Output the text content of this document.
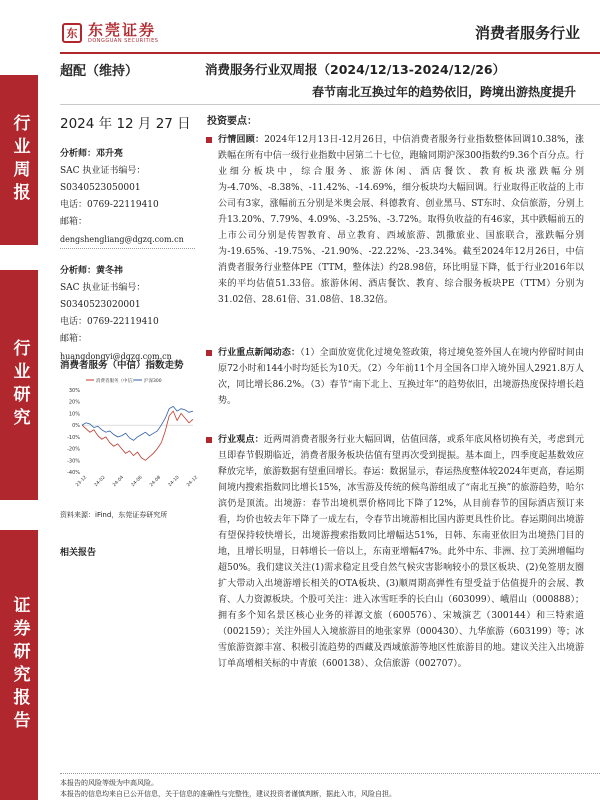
东 东莞证券
DONGGUAN SECURITIES	消费者服务行业
行业周报
行业研究
证券研究报告
超配（维持）	消费服务行业双周报（2024/12/13-2024/12/26）
春节南北互换过年的趋势依旧，跨境出游热度提升
2024 年 12 月 27 日
分析师：邓升亮
SAC 执业证书编号：
S0340523050001
电话：0769-22119410
邮箱：
dengshengliang@dgzq.com.cn
分析师：黄冬祎
SAC 执业证书编号：
S0340523020001
电话：0769-22119410
邮箱：
huangdongyi@dgzq.com.cn
消费者服务（中信）指数走势
30%
20%
10%
0%
-10%
-20%
-30%
-40%
23-12 24-02 24-04 24-06 24-08 24-10 24-12
消费者服务（中信） 沪深300
资料来源：iFind，东莞证券研究所
相关报告
投资要点：
行情回顾：2024年12月13日-12月26日，中信消费者服务行业指数整体回调10.38%，涨跌幅在所有中信一级行业指数中居第二十七位，跑输同期沪深300指数约9.36个百分点。行业细分板块中，综合服务、旅游休闲、酒店餐饮、教育板块涨跌幅分别为-4.70%、-8.38%、-11.42%、-14.69%，细分板块均大幅回调。行业取得正收益的上市公司有3家，涨幅前五分别是米奥会展、科德教育、创业黑马、ST东时、众信旅游，分别上升13.20%、7.79%、4.09%、-3.25%、-3.72%。取得负收益的有46家，其中跌幅前五的上市公司分别是传智教育、昂立教育、西域旅游、凯撒旅业、国旅联合，涨跌幅分别为-19.65%、-19.75%、-21.90%、-22.22%、-23.34%。截至2024年12月26日，中信消费者服务行业整体PE（TTM，整体法）约28.98倍，环比明显下降，低于行业2016年以来的平均估值51.33倍。旅游休闲、酒店餐饮、教育、综合服务板块PE（TTM）分别为31.02倍、28.61倍、31.08倍、18.32倍。
行业重点新闻动态：（1）全面放宽优化过境免签政策，将过境免签外国人在境内停留时间由原72小时和144小时均延长为10天。（2）今年前11个月全国各口岸入境外国人2921.8万人次，同比增长86.2%。（3）春节“南下北上、互换过年”的趋势依旧，出境游热度保持增长趋势。
行业观点：近两周消费者服务行业大幅回调，估值回落，或系年底风格切换有关，考虑到元旦即春节假期临近，消费者服务板块估值有望再次受到提振。基本面上，四季度起基数效应释放完毕，旅游数据有望重回增长。春运：数据显示，春运热度整体较2024年更高，春运期间境内搜索指数同比增长15%，冰雪游及传统的候鸟游组成了“南北互换”的旅游趋势，哈尔滨仍是顶流。出境游：春节出境机票价格同比下降了12%，从目前春节的国际酒店预订来看，均价也较去年下降了一成左右，令春节出境游相比国内游更具性价比。春运期间出境游有望保持较快增长，出境游搜索指数同比增幅达51%，日韩、东南亚依旧为出境热门目的地，且增长明显，日韩增长一倍以上，东南亚增幅47%。此外中东、非洲、拉丁美洲增幅均超50%。我们建议关注(1)需求稳定且受自然气候灾害影响较小的景区板块、(2)免签朋友圈扩大带动入出境游增长相关的OTA板块、(3)顺周期高弹性有望受益于估值提升的会展、教育、人力资源板块。个股可关注：进入冰雪旺季的长白山（603099）、峨眉山（000888）；拥有多个知名景区核心业务的祥源文旅（600576）、宋城演艺（300144）和三特索道（002159）；关注外国人入境旅游目的地张家界（000430）、九华旅游（603199）等；冰雪旅游资源丰富、积极引流趋势的西藏及西域旅游等地区性旅游目的地。建议关注入出境游订单高增相关标的中青旅（600138）、众信旅游（002707）。
本报告的风险等级为中高风险。
本报告的信息均来自已公开信息，关于信息的准确性与完整性，建议投资者谨慎判断，据此入市，风险自担。
